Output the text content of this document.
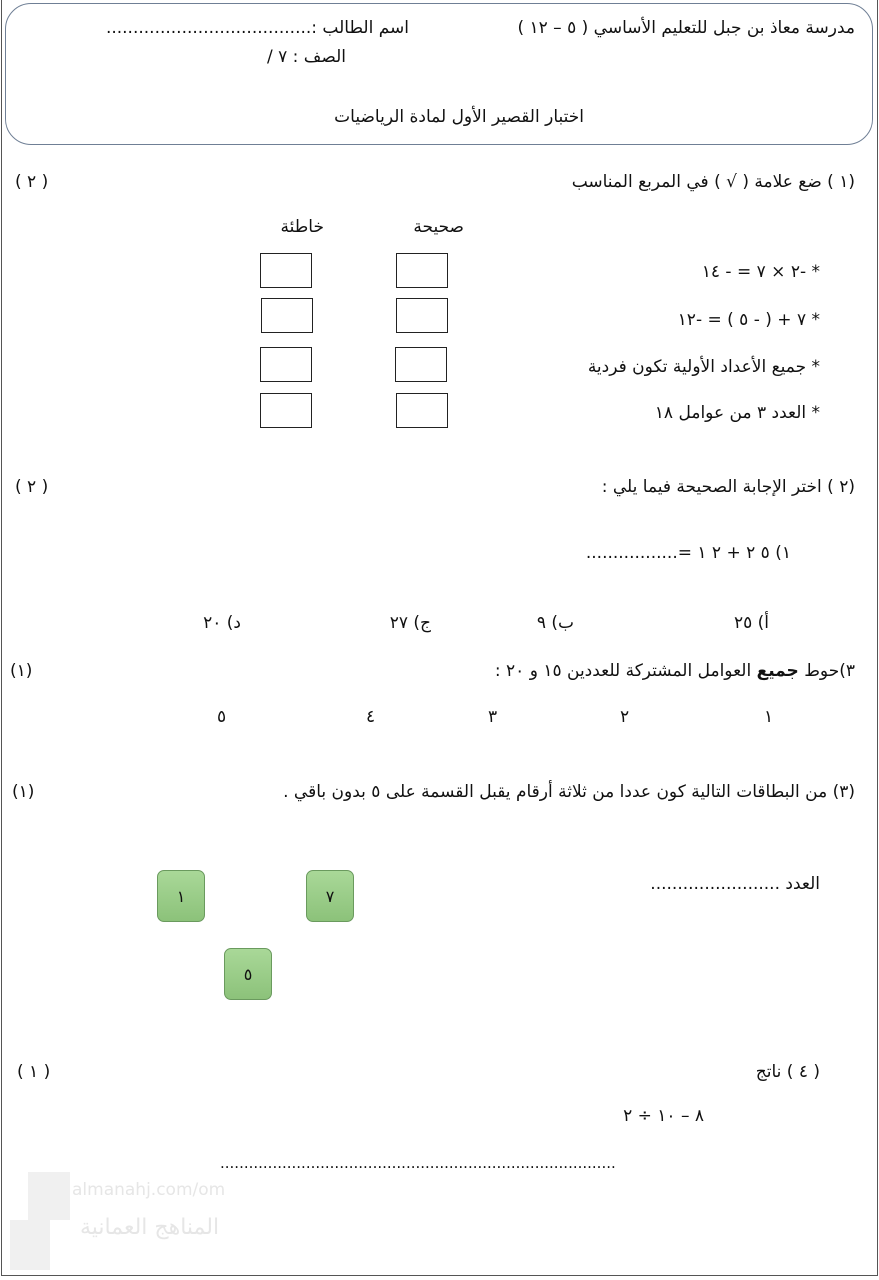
مدرسة معاذ بن جبل للتعليم الأساسي ( ٥ – ١٢ )
اسم الطالب :......................................
الصف : ٧ /
اختبار القصير الأول لمادة الرياضيات
(١ ) ضع علامة ( √ ) في المربع المناسب
( ٢ )
صحيحة
خاطئة
* -٢ × ٧ = - ١٤
* ٧ + ( - ٥ ) = -١٢
* جميع الأعداد الأولية تكون فردية
* العدد ٣ من عوامل ١٨
(٢ ) اختر الإجابة الصحيحة فيما يلي :
( ٢ )
١) ٥ ٢ + ٢ ١ =.................
أ) ٢٥
ب) ٩
ج) ٢٧
د) ٢٠
٣)حوط جميع العوامل المشتركة للعددين ١٥ و ٢٠ :
(١)
١
٢
٣
٤
٥
(٣) من البطاقات التالية كون عددا من ثلاثة أرقام يقبل القسمة على ٥ بدون باقي .
(١)
العدد ........................
١	٧
٥
( ٤ ) ناتج
( ١ )
٨ – ١٠ ÷ ٢
...................................................................................
almanahj.com/om
المناهج العمانية
